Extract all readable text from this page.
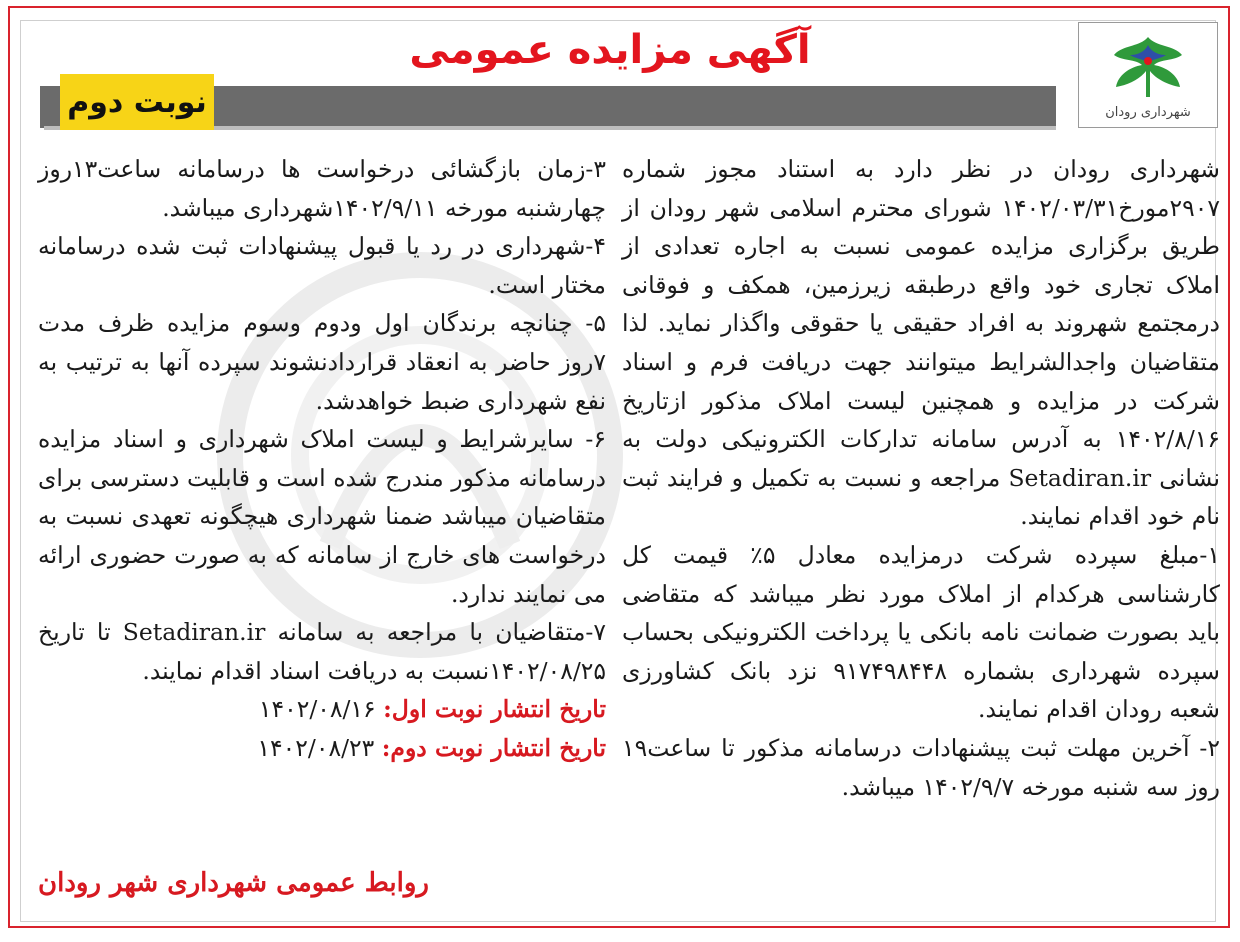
شهرداری رودان
آگهی مزایده عمومی
نوبت دوم

شهرداری رودان در نظر دارد به استناد مجوز شماره ۲۹۰۷مورخ۱۴۰۲/۰۳/۳۱ شورای محترم اسلامی شهر رودان از طریق برگزاری مزایده عمومی نسبت به اجاره تعدادی از املاک تجاری خود واقع درطبقه زیرزمین، همکف و فوقانی درمجتمع شهروند به افراد حقیقی یا حقوقی واگذار نماید. لذا متقاضیان واجدالشرایط میتوانند جهت دریافت فرم و اسناد شرکت در مزایده و همچنین لیست املاک مذکور ازتاریخ ۱۴۰۲/۸/۱۶ به آدرس سامانه تدارکات الکترونیکی دولت به نشانی Setadiran.ir مراجعه و نسبت به تکمیل و فرایند ثبت نام خود اقدام نمایند.

۱-مبلغ سپرده شرکت درمزایده معادل ۵٪ قیمت کل کارشناسی هرکدام از املاک مورد نظر میباشد که متقاضی باید بصورت ضمانت نامه بانکی یا پرداخت الکترونیکی بحساب سپرده شهرداری بشماره ۹۱۷۴۹۸۴۴۸ نزد بانک کشاورزی شعبه رودان اقدام نمایند.

۲- آخرین مهلت ثبت پیشنهادات درسامانه مذکور تا ساعت۱۹ روز سه شنبه مورخه ۱۴۰۲/۹/۷ میباشد.

۳-زمان بازگشائی درخواست ها درسامانه ساعت۱۳روز چهارشنبه مورخه ۱۴۰۲/۹/۱۱شهرداری میباشد.

۴-شهرداری در رد یا قبول پیشنهادات ثبت شده درسامانه مختار است.

۵- چنانچه برندگان اول ودوم وسوم مزایده ظرف مدت ۷روز حاضر به انعقاد قراردادنشوند سپرده آنها به ترتیب به نفع شهرداری ضبط خواهدشد.

۶- سایرشرایط و لیست املاک شهرداری و اسناد مزایده درسامانه مذکور مندرج شده است و قابلیت دسترسی برای متقاضیان میباشد ضمنا شهرداری هیچگونه تعهدی نسبت به درخواست های خارج از سامانه که به صورت حضوری ارائه می نمایند ندارد.

۷-متقاضیان با مراجعه به سامانه Setadiran.ir تا تاریخ ۱۴۰۲/۰۸/۲۵نسبت به دریافت اسناد اقدام نمایند.

تاریخ انتشار نوبت اول: ۱۴۰۲/۰۸/۱۶

تاریخ انتشار نوبت دوم: ۱۴۰۲/۰۸/۲۳

روابط عمومی شهرداری شهر رودان
